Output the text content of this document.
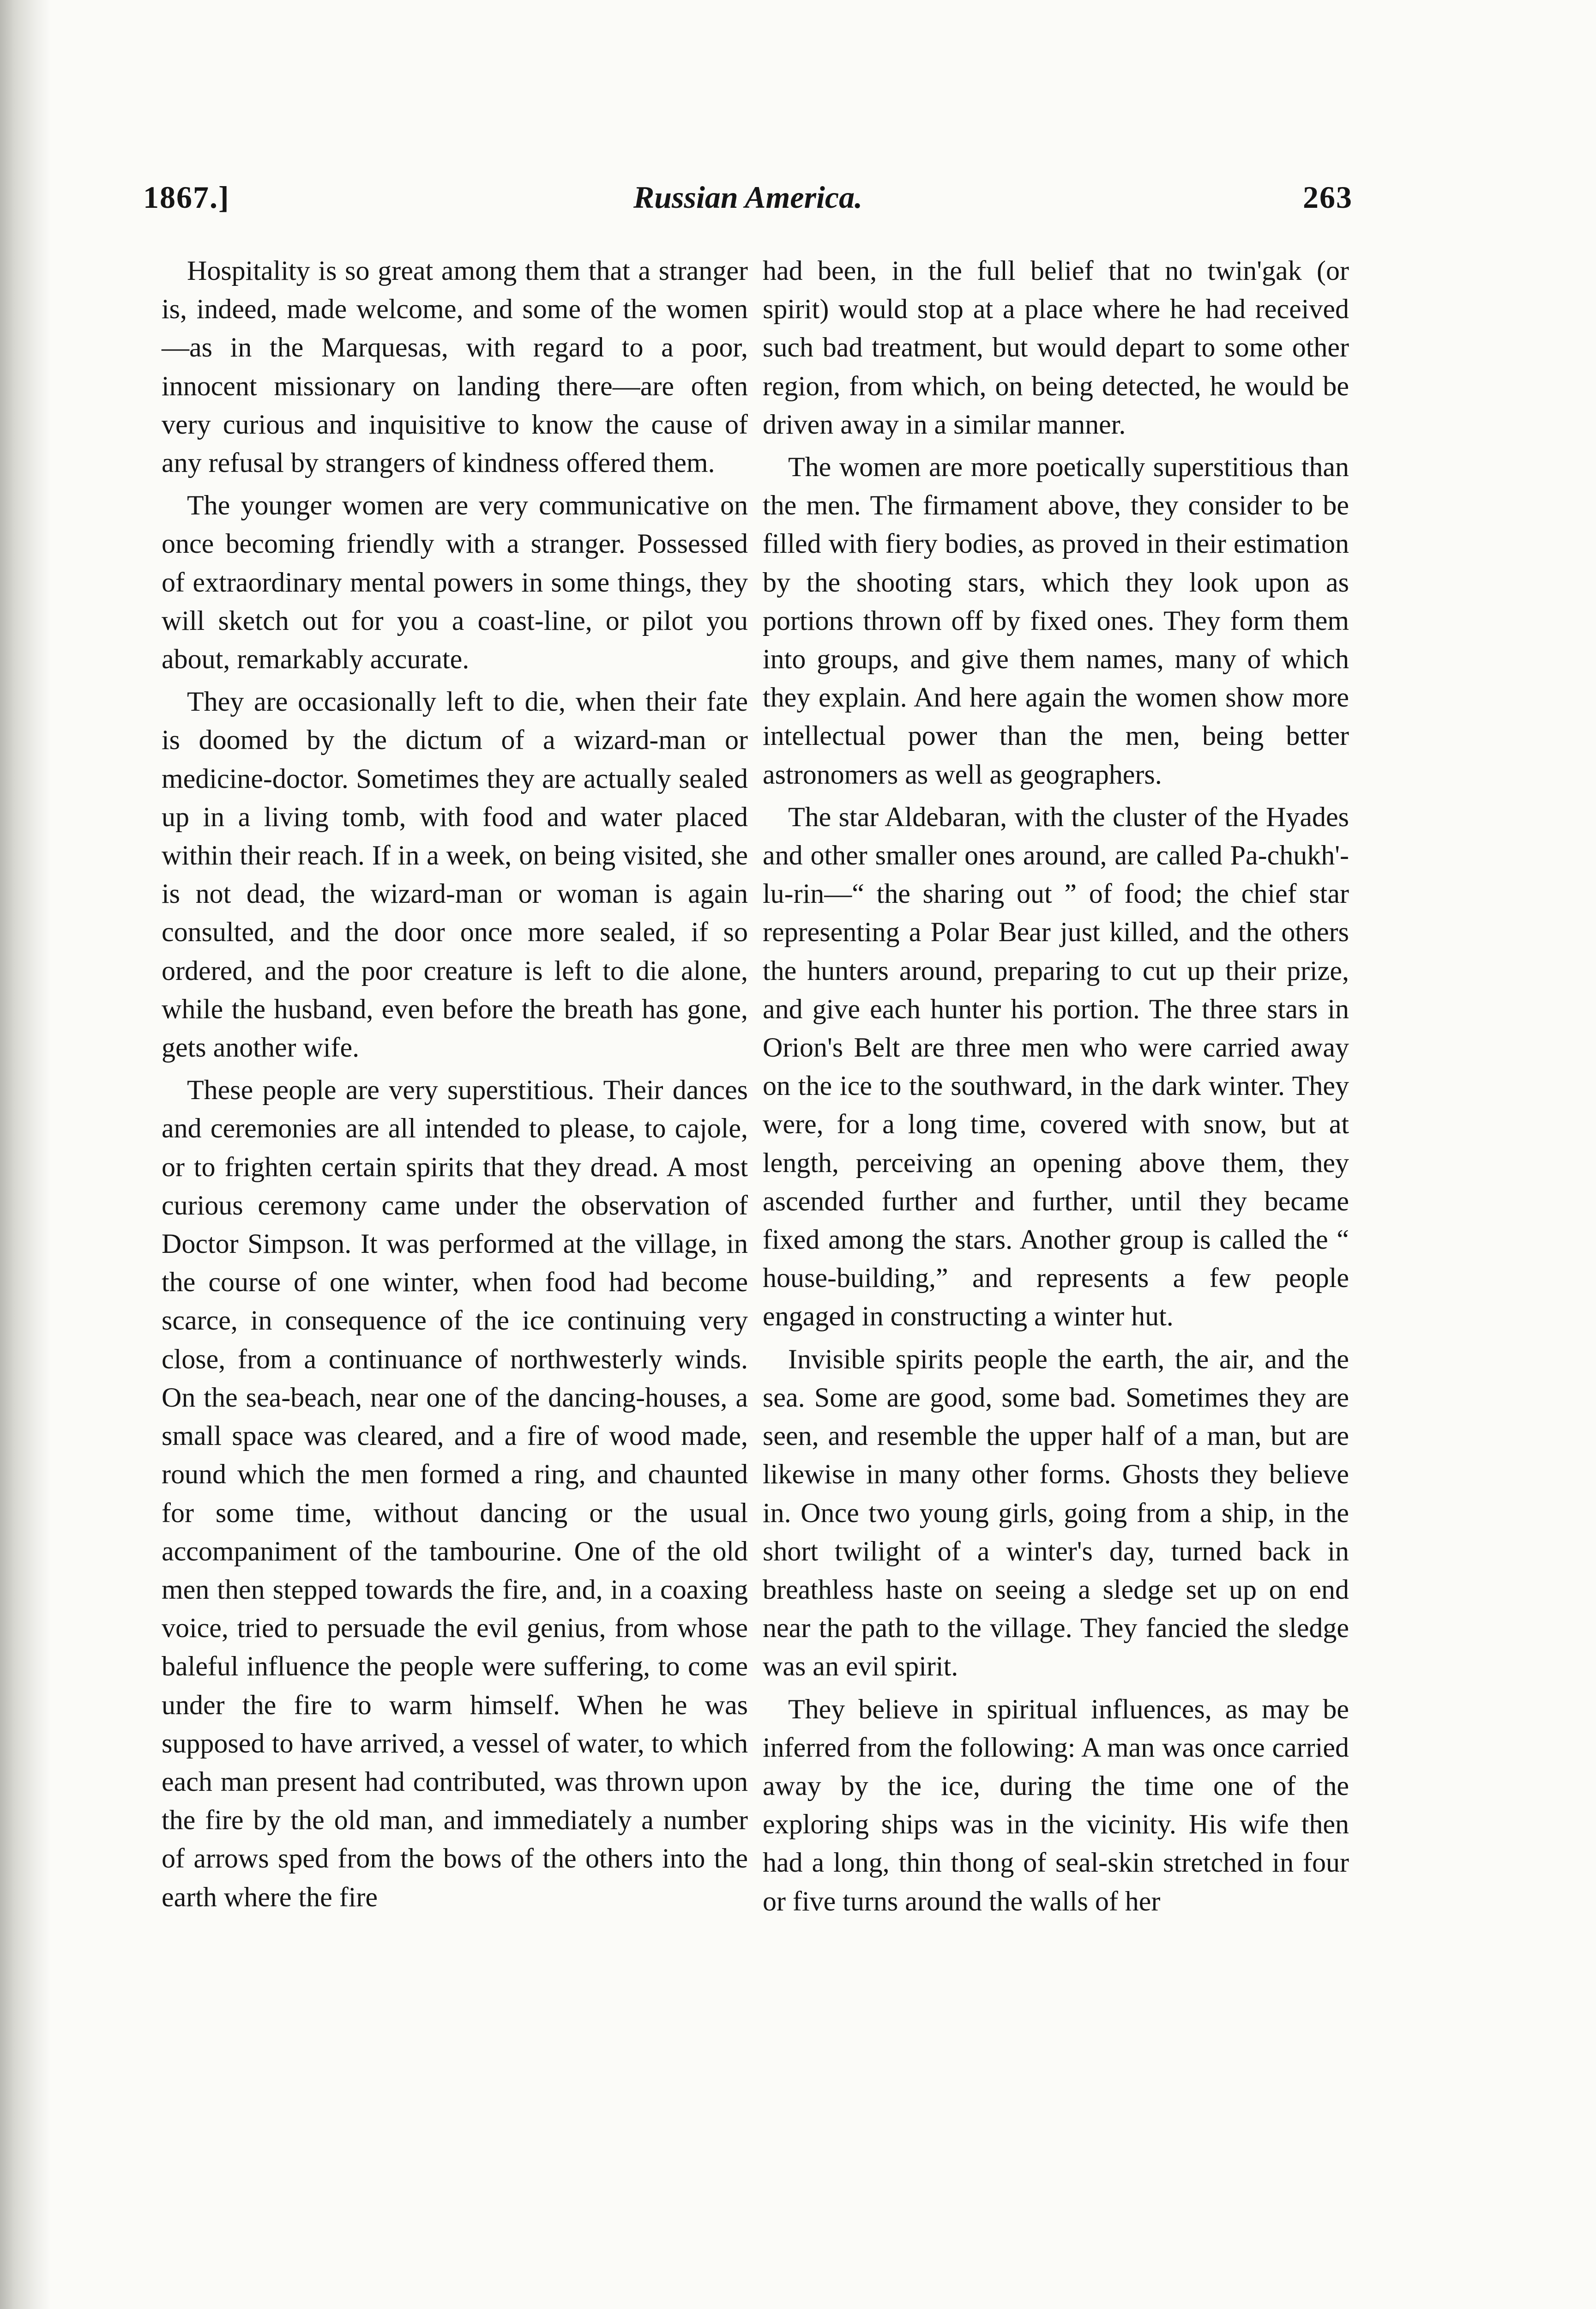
1867.]	Russian America.	263

Hospitality is so great among them that a stranger is, indeed, made welcome, and some of the women—as in the Marquesas, with regard to a poor, innocent missionary on landing there—are often very curious and inquisitive to know the cause of any refusal by strangers of kindness offered them.

The younger women are very communicative on once becoming friendly with a stranger. Possessed of extraordinary mental powers in some things, they will sketch out for you a coast-line, or pilot you about, remarkably accurate.

They are occasionally left to die, when their fate is doomed by the dictum of a wizard-man or medicine-doctor. Sometimes they are actually sealed up in a living tomb, with food and water placed within their reach. If in a week, on being visited, she is not dead, the wizard-man or woman is again consulted, and the door once more sealed, if so ordered, and the poor creature is left to die alone, while the husband, even before the breath has gone, gets another wife.

These people are very superstitious. Their dances and ceremonies are all intended to please, to cajole, or to frighten certain spirits that they dread. A most curious ceremony came under the observation of Doctor Simpson. It was performed at the village, in the course of one winter, when food had become scarce, in consequence of the ice continuing very close, from a continuance of northwesterly winds. On the sea-beach, near one of the dancing-houses, a small space was cleared, and a fire of wood made, round which the men formed a ring, and chaunted for some time, without dancing or the usual accompaniment of the tambourine. One of the old men then stepped towards the fire, and, in a coaxing voice, tried to persuade the evil genius, from whose baleful influence the people were suffering, to come under the fire to warm himself. When he was supposed to have arrived, a vessel of water, to which each man present had contributed, was thrown upon the fire by the old man, and immediately a number of arrows sped from the bows of the others into the earth where the fire

had been, in the full belief that no twin'gak (or spirit) would stop at a place where he had received such bad treatment, but would depart to some other region, from which, on being detected, he would be driven away in a similar manner.

The women are more poetically superstitious than the men. The firmament above, they consider to be filled with fiery bodies, as proved in their estimation by the shooting stars, which they look upon as portions thrown off by fixed ones. They form them into groups, and give them names, many of which they explain. And here again the women show more intellectual power than the men, being better astronomers as well as geographers.

The star Aldebaran, with the cluster of the Hyades and other smaller ones around, are called Pa-chukh'-lu-rin—“ the sharing out ” of food; the chief star representing a Polar Bear just killed, and the others the hunters around, preparing to cut up their prize, and give each hunter his portion. The three stars in Orion's Belt are three men who were carried away on the ice to the southward, in the dark winter. They were, for a long time, covered with snow, but at length, perceiving an opening above them, they ascended further and further, until they became fixed among the stars. Another group is called the “ house-building,” and represents a few people engaged in constructing a winter hut.

Invisible spirits people the earth, the air, and the sea. Some are good, some bad. Sometimes they are seen, and resemble the upper half of a man, but are likewise in many other forms. Ghosts they believe in. Once two young girls, going from a ship, in the short twilight of a winter's day, turned back in breathless haste on seeing a sledge set up on end near the path to the village. They fancied the sledge was an evil spirit.

They believe in spiritual influences, as may be inferred from the following: A man was once carried away by the ice, during the time one of the exploring ships was in the vicinity. His wife then had a long, thin thong of seal-skin stretched in four or five turns around the walls of her
